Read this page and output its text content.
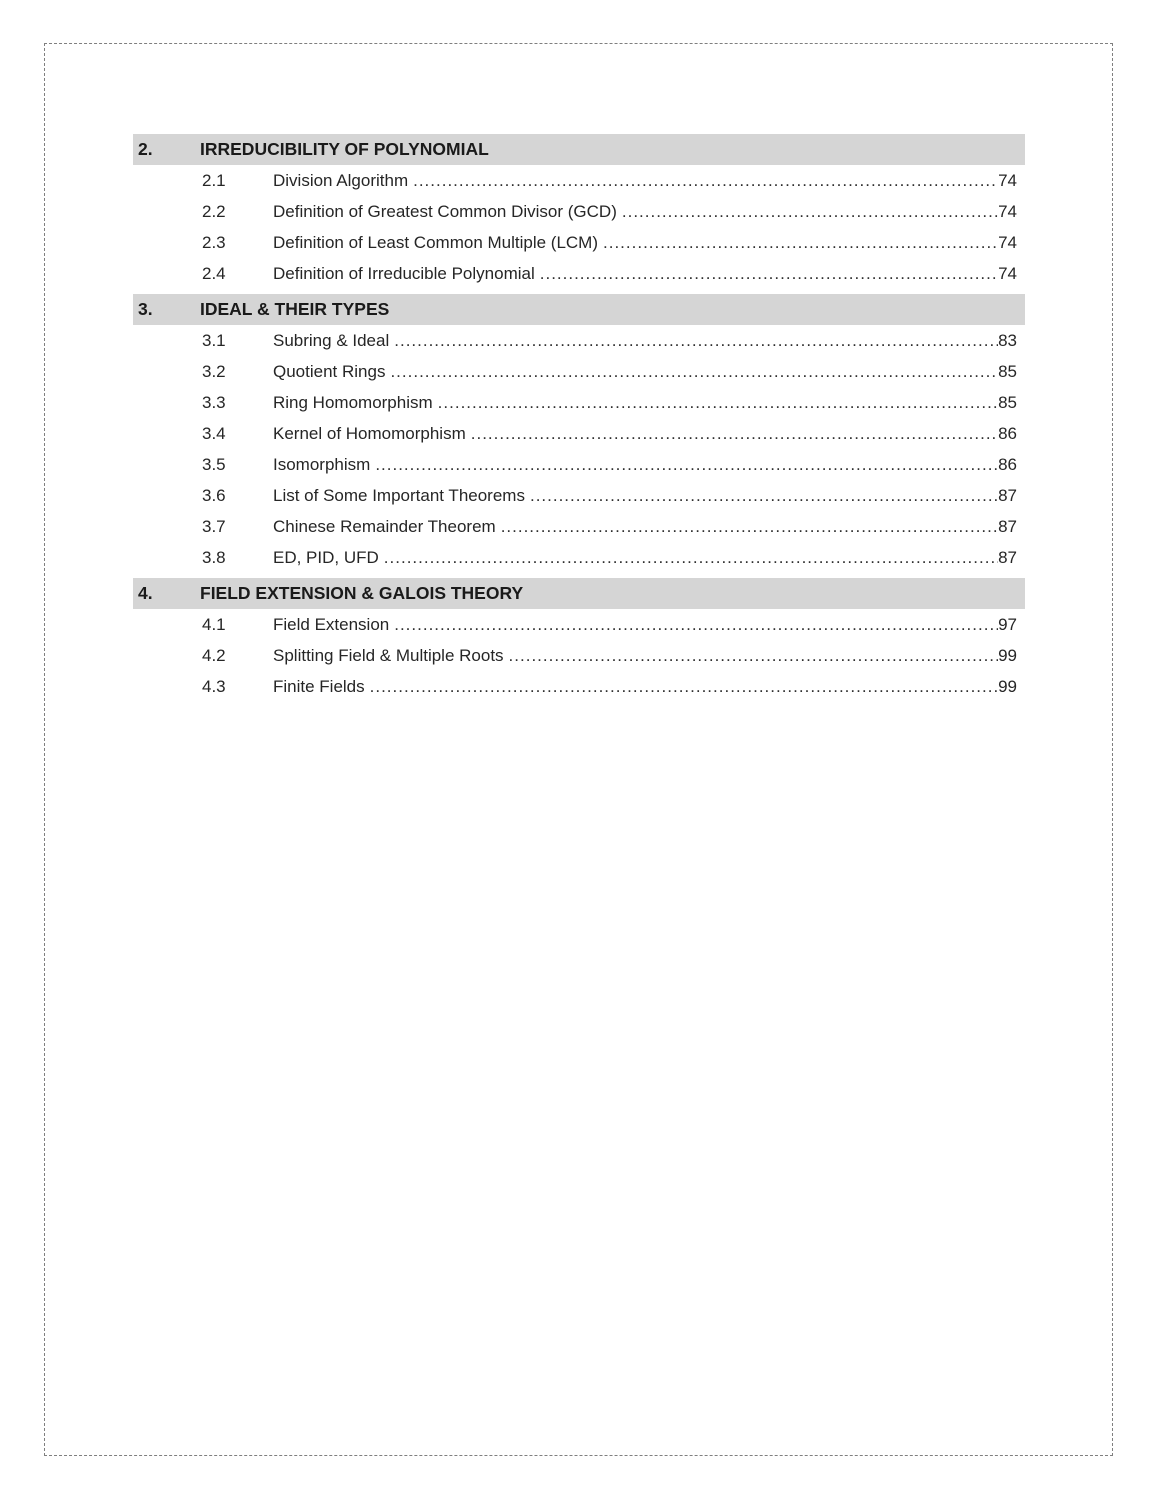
2.	IRREDUCIBILITY OF POLYNOMIAL
2.1	Division Algorithm .....	74
2.2	Definition of Greatest Common Divisor (GCD) .....	74
2.3	Definition of Least Common Multiple (LCM) .....	74
2.4	Definition of Irreducible Polynomial .....	74
3.	IDEAL & THEIR TYPES
3.1	Subring & Ideal .....	83
3.2	Quotient Rings .....	85
3.3	Ring Homomorphism .....	85
3.4	Kernel of Homomorphism .....	86
3.5	Isomorphism .....	86
3.6	List of Some Important Theorems .....	87
3.7	Chinese Remainder Theorem .....	87
3.8	ED, PID, UFD .....	87
4.	FIELD EXTENSION & GALOIS THEORY
4.1	Field Extension .....	97
4.2	Splitting Field & Multiple Roots .....	99
4.3	Finite Fields .....	99
